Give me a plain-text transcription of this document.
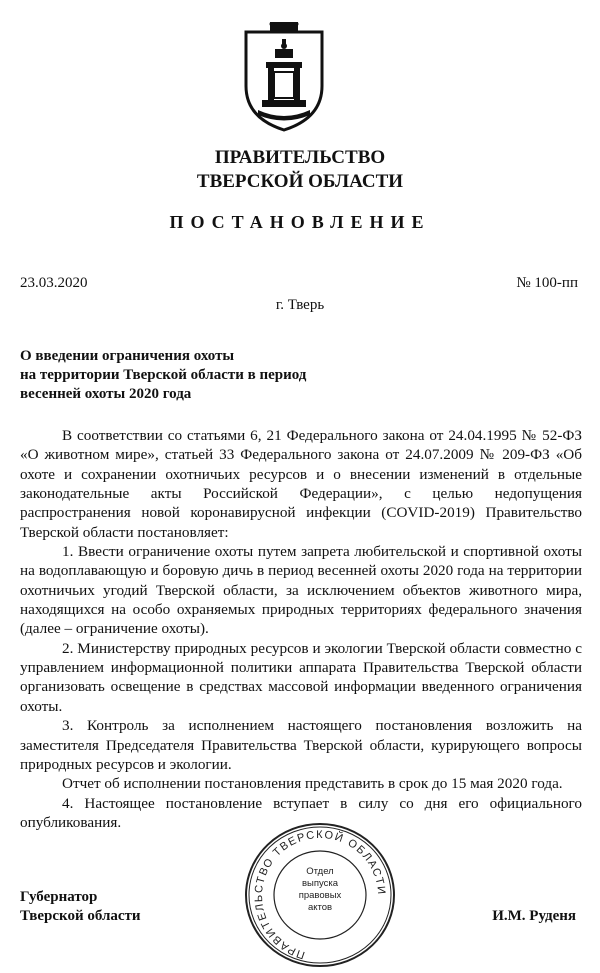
ПРАВИТЕЛЬСТВО
ТВЕРСКОЙ ОБЛАСТИ
ПОСТАНОВЛЕНИЕ
23.03.2020	№ 100-пп
г. Тверь
О введении ограничения охоты
на территории Тверской области в период
весенней охоты 2020 года

В соответствии со статьями 6, 21 Федерального закона от 24.04.1995 № 52-ФЗ «О животном мире», статьей 33 Федерального закона от 24.07.2009 № 209-ФЗ «Об охоте и сохранении охотничьих ресурсов и о внесении изменений в отдельные законодательные акты Российской Федерации», с целью недопущения распространения новой коронавирусной инфекции (COVID-2019) Правительство Тверской области постановляет:

1. Ввести ограничение охоты путем запрета любительской и спортивной охоты на водоплавающую и боровую дичь в период весенней охоты 2020 года на территории охотничьих угодий Тверской области, за исключением объектов животного мира, находящихся на особо охраняемых природных территориях федерального значения (далее – ограничение охоты).

2. Министерству природных ресурсов и экологии Тверской области совместно с управлением информационной политики аппарата Правительства Тверской области организовать освещение в средствах массовой информации введенного ограничения охоты.

3. Контроль за исполнением настоящего постановления возложить на заместителя Председателя Правительства Тверской области, курирующего вопросы природных ресурсов и экологии.

Отчет об исполнении постановления представить в срок до 15 мая 2020 года.

4. Настоящее постановление вступает в силу со дня его официального опубликования.

ПРАВИТЕЛЬСТВО ТВЕРСКОЙ ОБЛАСТИ
Отдел
выпуска
правовых
актов
Губернатор
Тверской области	И.М. Руденя
